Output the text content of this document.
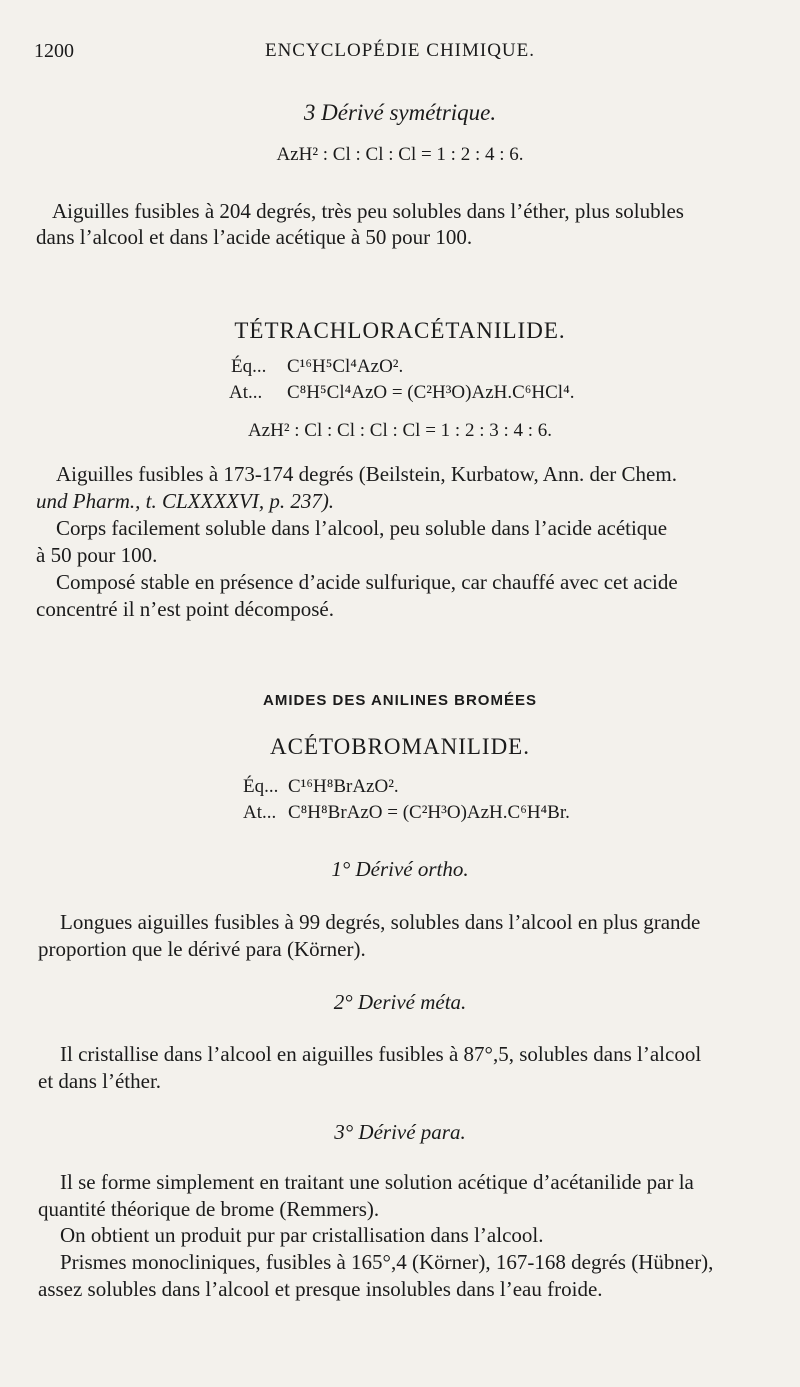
1200	ENCYCLOPÉDIE CHIMIQUE.
3 Dérivé symétrique.
AzH² : Cl : Cl : Cl = 1 : 2 : 4 : 6.
Aiguilles fusibles à 204 degrés, très peu solubles dans l’éther, plus solubles
dans l’alcool et dans l’acide acétique à 50 pour 100.
TÉTRACHLORACÉTANILIDE.
Éq... C¹⁶H⁵Cl⁴AzO².
At... C⁸H⁵Cl⁴AzO = (C²H³O)AzH.C⁶HCl⁴.
AzH² : Cl : Cl : Cl : Cl = 1 : 2 : 3 : 4 : 6.
Aiguilles fusibles à 173-174 degrés (Beilstein, Kurbatow, Ann. der Chem.
und Pharm., t. CLXXXXVI, p. 237).
Corps facilement soluble dans l’alcool, peu soluble dans l’acide acétique
à 50 pour 100.
Composé stable en présence d’acide sulfurique, car chauffé avec cet acide
concentré il n’est point décomposé.
AMIDES DES ANILINES BROMÉES
ACÉTOBROMANILIDE.
Éq... C¹⁶H⁸BrAzO².
At... C⁸H⁸BrAzO = (C²H³O)AzH.C⁶H⁴Br.
1° Dérivé ortho.
Longues aiguilles fusibles à 99 degrés, solubles dans l’alcool en plus grande
proportion que le dérivé para (Körner).
2° Derivé méta.
Il cristallise dans l’alcool en aiguilles fusibles à 87°,5, solubles dans l’alcool
et dans l’éther.
3° Dérivé para.
Il se forme simplement en traitant une solution acétique d’acétanilide par la
quantité théorique de brome (Remmers).
On obtient un produit pur par cristallisation dans l’alcool.
Prismes monocliniques, fusibles à 165°,4 (Körner), 167-168 degrés (Hübner),
assez solubles dans l’alcool et presque insolubles dans l’eau froide.
